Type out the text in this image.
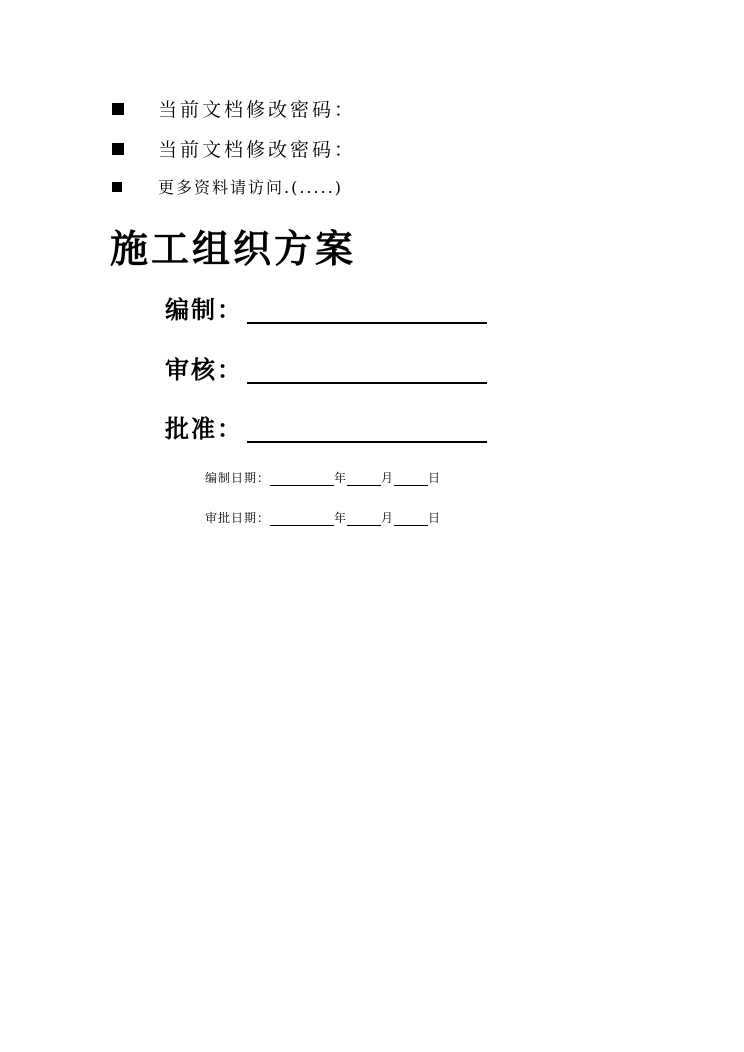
当前文档修改密码：
当前文档修改密码：
更多资料请访问.(.....)
施工组织方案
编制：
审核：
批准：
编制日期：	年	月	日
审批日期：	年	月	日
